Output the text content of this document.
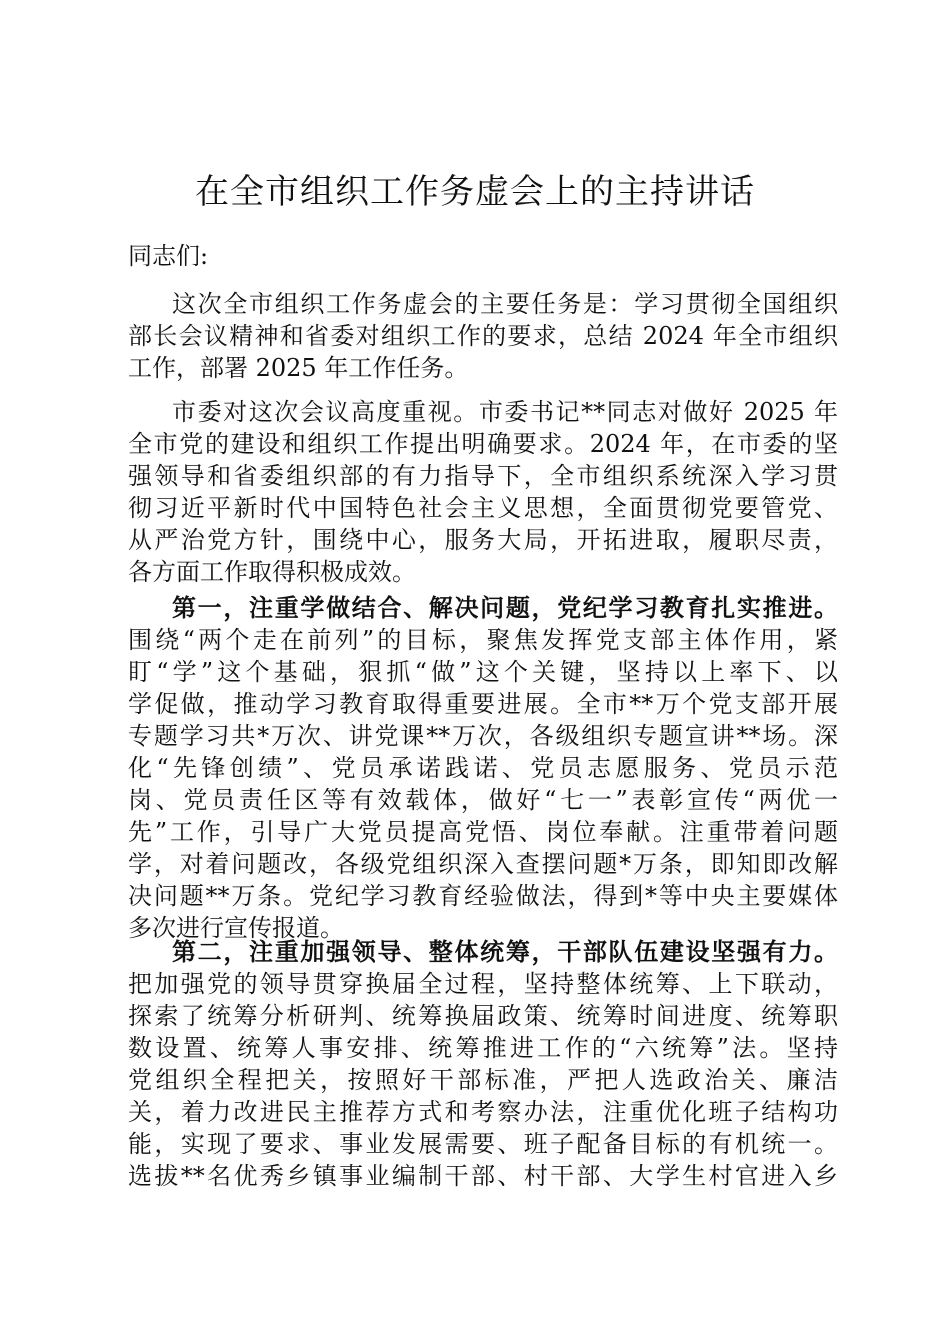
在全市组织工作务虚会上的主持讲话
同志们:
这次全市组织工作务虚会的主要任务是：学习贯彻全国组织
部长会议精神和省委对组织工作的要求，总结 2024 年全市组织
工作，部署 2025 年工作任务。
市委对这次会议高度重视。市委书记**同志对做好 2025 年
全市党的建设和组织工作提出明确要求。2024 年，在市委的坚
强领导和省委组织部的有力指导下，全市组织系统深入学习贯
彻习近平新时代中国特色社会主义思想，全面贯彻党要管党、
从严治党方针，围绕中心，服务大局，开拓进取，履职尽责，
各方面工作取得积极成效。
第一，注重学做结合、解决问题，党纪学习教育扎实推进。
围绕“两个走在前列”的目标，聚焦发挥党支部主体作用，紧
盯“学”这个基础，狠抓“做”这个关键，坚持以上率下、以
学促做，推动学习教育取得重要进展。全市**万个党支部开展
专题学习共*万次、讲党课**万次，各级组织专题宣讲**场。深
化“先锋创绩”、党员承诺践诺、党员志愿服务、党员示范
岗、党员责任区等有效载体，做好“七一”表彰宣传“两优一
先”工作，引导广大党员提高党悟、岗位奉献。注重带着问题
学，对着问题改，各级党组织深入查摆问题*万条，即知即改解
决问题**万条。党纪学习教育经验做法，得到*等中央主要媒体
多次进行宣传报道。
第二，注重加强领导、整体统筹，干部队伍建设坚强有力。
把加强党的领导贯穿换届全过程，坚持整体统筹、上下联动，
探索了统筹分析研判、统筹换届政策、统筹时间进度、统筹职
数设置、统筹人事安排、统筹推进工作的“六统筹”法。坚持
党组织全程把关，按照好干部标准，严把人选政治关、廉洁
关，着力改进民主推荐方式和考察办法，注重优化班子结构功
能，实现了要求、事业发展需要、班子配备目标的有机统一。
选拔**名优秀乡镇事业编制干部、村干部、大学生村官进入乡
